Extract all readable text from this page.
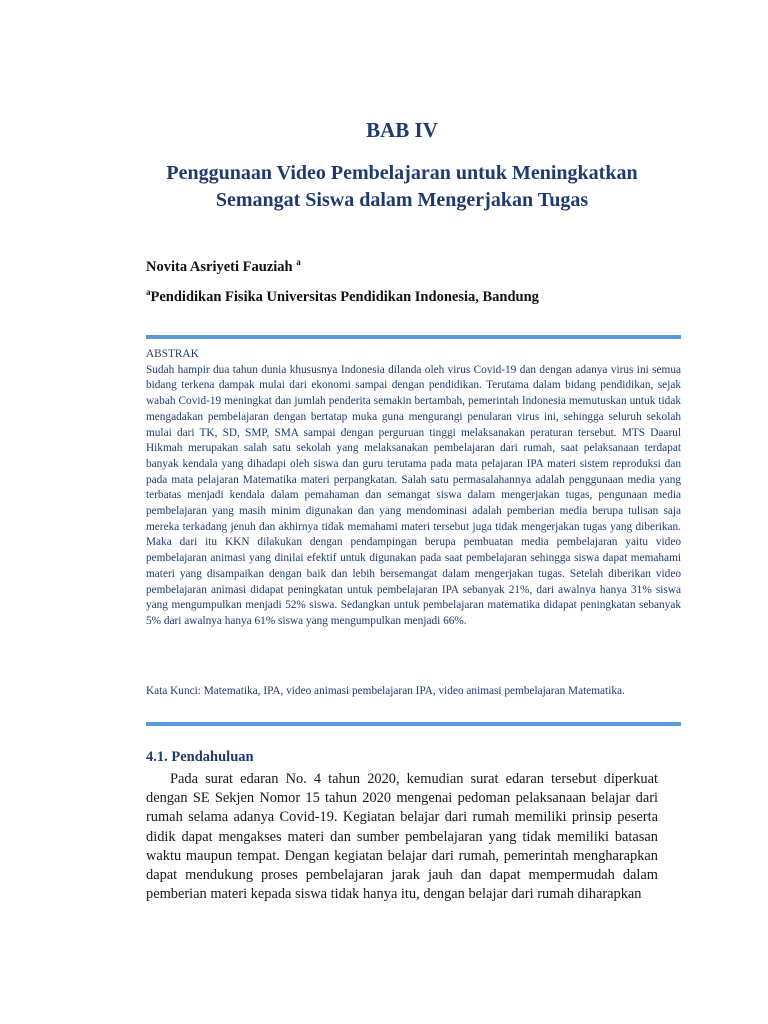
BAB IV
Penggunaan Video Pembelajaran untuk Meningkatkan Semangat Siswa dalam Mengerjakan Tugas
Novita Asriyeti Fauziah $^a$
$^a$Pendidikan Fisika Universitas Pendidikan Indonesia, Bandung
ABSTRAK
Sudah hampir dua tahun dunia khususnya Indonesia dilanda oleh virus Covid-19 dan dengan adanya virus ini semua bidang terkena dampak mulai dari ekonomi sampai dengan pendidikan. Terutama dalam bidang pendidikan, sejak wabah Covid-19 meningkat dan jumlah penderita semakin bertambah, pemerintah Indonesia memutuskan untuk tidak mengadakan pembelajaran dengan bertatap muka guna mengurangi penularan virus ini, sehingga seluruh sekolah mulai dari TK, SD, SMP, SMA sampai dengan perguruan tinggi melaksanakan peraturan tersebut. MTS Daarul Hikmah merupakan salah satu sekolah yang melaksanakan pembelajaran dari rumah, saat pelaksanaan terdapat banyak kendala yang dihadapi oleh siswa dan guru terutama pada mata pelajaran IPA materi sistem reproduksi dan pada mata pelajaran Matematika materi perpangkatan. Salah satu permasalahannya adalah penggunaan media yang terbatas menjadi kendala dalam pemahaman dan semangat siswa dalam mengerjakan tugas, pengunaan media pembelajaran yang masih minim digunakan dan yang mendominasi adalah pemberian media berupa tulisan saja mereka terkadang jenuh dan akhirnya tidak memahami materi tersebut juga tidak mengerjakan tugas yang diberikan. Maka dari itu KKN dilakukan dengan pendampingan berupa pembuatan media pembelajaran yaitu video pembelajaran animasi yang dinilai efektif untuk digunakan pada saat pembelajaran sehingga siswa dapat memahami materi yang disampaikan dengan baik dan lebih bersemangat dalam mengerjakan tugas. Setelah diberikan video pembelajaran animasi didapat peningkatan untuk pembelajaran IPA sebanyak 21%, dari awalnya hanya 31% siswa yang mengumpulkan menjadi 52% siswa. Sedangkan untuk pembelajaran matematika didapat peningkatan sebanyak 5% dari awalnya hanya 61% siswa yang mengumpulkan menjadi 66%.
Kata Kunci: Matematika, IPA, video animasi pembelajaran IPA, video animasi pembelajaran Matematika.
4.1. Pendahuluan
Pada surat edaran No. 4 tahun 2020, kemudian surat edaran tersebut diperkuat dengan SE Sekjen Nomor 15 tahun 2020 mengenai pedoman pelaksanaan belajar dari rumah selama adanya Covid-19. Kegiatan belajar dari rumah memiliki prinsip peserta didik dapat mengakses materi dan sumber pembelajaran yang tidak memiliki batasan waktu maupun tempat. Dengan kegiatan belajar dari rumah, pemerintah mengharapkan dapat mendukung proses pembelajaran jarak jauh dan dapat mempermudah dalam pemberian materi kepada siswa tidak hanya itu, dengan belajar dari rumah diharapkan
